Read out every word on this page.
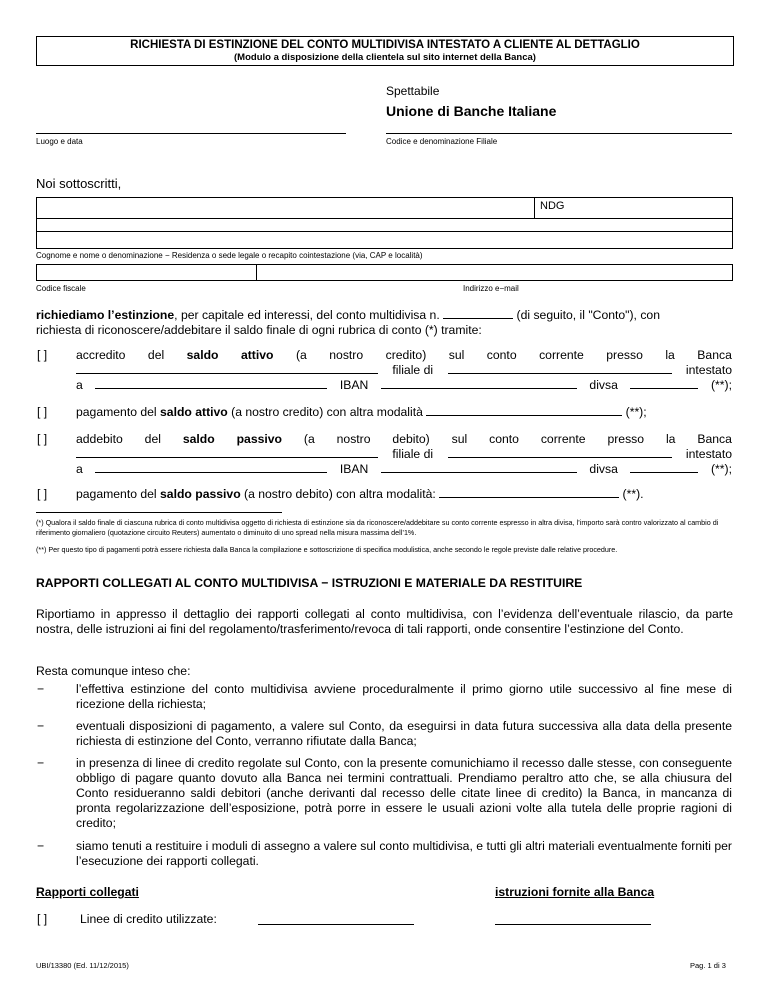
RICHIESTA DI ESTINZIONE DEL CONTO MULTIDIVISA INTESTATO A CLIENTE AL DETTAGLIO
(Modulo a disposizione della clientela sul sito internet della Banca)
Spettabile
Unione di Banche Italiane
Luogo e data	Codice e denominazione Filiale
Noi sottoscritti,
NDG
Cognome e nome o denominazione − Residenza o sede legale o recapito cointestazione (via, CAP e località)
Codice fiscale	Indirizzo e−mail
richiediamo l’estinzione, per capitale ed interessi, del conto multidivisa n.	(di seguito, il "Conto"), con
richiesta di riconoscere/addebitare il saldo finale di ogni rubrica di conto (*) tramite:
[ ] accredito del saldo attivo (a nostro credito) sul conto corrente presso la Banca
filiale di	intestato
a	IBAN	divsa	(**);
[ ] pagamento del saldo attivo (a nostro credito) con altra modalità	(**);
[ ] addebito del saldo passivo (a nostro debito) sul conto corrente presso la Banca
filiale di	intestato
a	IBAN	divsa	(**);
[ ] pagamento del saldo passivo (a nostro debito) con altra modalità:	(**).
(*) Qualora il saldo finale di ciascuna rubrica di conto multidivisa oggetto di richiesta di estinzione sia da riconoscere/addebitare su conto corrente espresso in altra divisa, l’importo sarà contro valorizzato al cambio di riferimento giornaliero (quotazione circuito Reuters) aumentato o diminuito di uno spread nella misura massima dell’1%.
(**) Per questo tipo di pagamenti potrà essere richiesta dalla Banca la compilazione e sottoscrizione di specifica modulistica, anche secondo le regole previste dalle relative procedure.
RAPPORTI COLLEGATI AL CONTO MULTIDIVISA − ISTRUZIONI E MATERIALE DA RESTITUIRE
Riportiamo in appresso il dettaglio dei rapporti collegati al conto multidivisa, con l’evidenza dell’eventuale rilascio, da parte nostra, delle istruzioni ai fini del regolamento/trasferimento/revoca di tali rapporti, onde consentire l’estinzione del Conto.
Resta comunque inteso che:
−	l’effettiva estinzione del conto multidivisa avviene proceduralmente il primo giorno utile successivo al fine mese di ricezione della richiesta;
−	eventuali disposizioni di pagamento, a valere sul Conto, da eseguirsi in data futura successiva alla data della presente richiesta di estinzione del Conto, verranno rifiutate dalla Banca;
−	in presenza di linee di credito regolate sul Conto, con la presente comunichiamo il recesso dalle stesse, con conseguente obbligo di pagare quanto dovuto alla Banca nei termini contrattuali. Prendiamo peraltro atto che, se alla chiusura del Conto residueranno saldi debitori (anche derivanti dal recesso delle citate linee di credito) la Banca, in mancanza di pronta regolarizzazione dell’esposizione, potrà porre in essere le usuali azioni volte alla tutela delle proprie ragioni di credito;
−	siamo tenuti a restituire i moduli di assegno a valere sul conto multidivisa, e tutti gli altri materiali eventualmente forniti per l’esecuzione dei rapporti collegati.
Rapporti collegati	istruzioni fornite alla Banca
[ ]	Linee di credito utilizzate:
UBI/13380 (Ed. 11/12/2015)	Pag. 1 di 3
